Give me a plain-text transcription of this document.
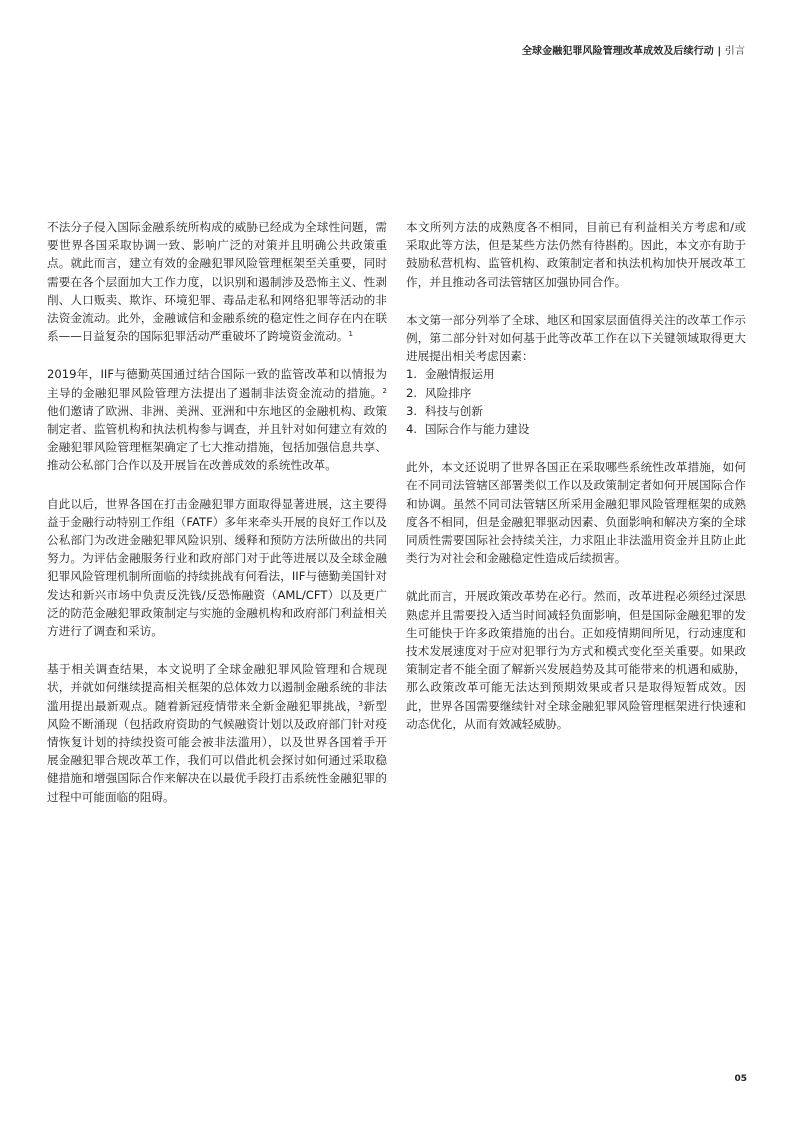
全球金融犯罪风险管理改革成效及后续行动 | 引言

不法分子侵入国际金融系统所构成的威胁已经成为全球性问题，需要世界各国采取协调一致、影响广泛的对策并且明确公共政策重点。就此而言，建立有效的金融犯罪风险管理框架至关重要，同时需要在各个层面加大工作力度，以识别和遏制涉及恐怖主义、性剥削、人口贩卖、欺诈、环境犯罪、毒品走私和网络犯罪等活动的非法资金流动。此外，金融诚信和金融系统的稳定性之间存在内在联系——日益复杂的国际犯罪活动严重破坏了跨境资金流动。$^1$

2019年，IIF与德勤英国通过结合国际一致的监管改革和以情报为主导的金融犯罪风险管理方法提出了遏制非法资金流动的措施。$^2$他们邀请了欧洲、非洲、美洲、亚洲和中东地区的金融机构、政策制定者、监管机构和执法机构参与调查，并且针对如何建立有效的金融犯罪风险管理框架确定了七大推动措施，包括加强信息共享、推动公私部门合作以及开展旨在改善成效的系统性改革。

自此以后，世界各国在打击金融犯罪方面取得显著进展，这主要得益于金融行动特别工作组（FATF）多年来牵头开展的良好工作以及公私部门为改进金融犯罪风险识别、缓释和预防方法所做出的共同努力。为评估金融服务行业和政府部门对于此等进展以及全球金融犯罪风险管理机制所面临的持续挑战有何看法，IIF与德勤美国针对发达和新兴市场中负责反洗钱/反恐怖融资（AML/CFT）以及更广泛的防范金融犯罪政策制定与实施的金融机构和政府部门利益相关方进行了调查和采访。

基于相关调查结果，本文说明了全球金融犯罪风险管理和合规现状，并就如何继续提高相关框架的总体效力以遏制金融系统的非法滥用提出最新观点。随着新冠疫情带来全新金融犯罪挑战，$^3$新型风险不断涌现（包括政府资助的气候融资计划以及政府部门针对疫情恢复计划的持续投资可能会被非法滥用），以及世界各国着手开展金融犯罪合规改革工作，我们可以借此机会探讨如何通过采取稳健措施和增强国际合作来解决在以最优手段打击系统性金融犯罪的过程中可能面临的阻碍。

本文所列方法的成熟度各不相同，目前已有利益相关方考虑和/或采取此等方法，但是某些方法仍然有待斟酌。因此，本文亦有助于鼓励私营机构、监管机构、政策制定者和执法机构加快开展改革工作，并且推动各司法管辖区加强协同合作。

本文第一部分列举了全球、地区和国家层面值得关注的改革工作示例，第二部分针对如何基于此等改革工作在以下关键领域取得更大进展提出相关考虑因素：

1. 金融情报运用
2. 风险排序
3. 科技与创新
4. 国际合作与能力建设

此外，本文还说明了世界各国正在采取哪些系统性改革措施，如何在不同司法管辖区部署类似工作以及政策制定者如何开展国际合作和协调。虽然不同司法管辖区所采用金融犯罪风险管理框架的成熟度各不相同，但是金融犯罪驱动因素、负面影响和解决方案的全球同质性需要国际社会持续关注，力求阻止非法滥用资金并且防止此类行为对社会和金融稳定性造成后续损害。

就此而言，开展政策改革势在必行。然而，改革进程必须经过深思熟虑并且需要投入适当时间减轻负面影响，但是国际金融犯罪的发生可能快于许多政策措施的出台。正如疫情期间所见，行动速度和技术发展速度对于应对犯罪行为方式和模式变化至关重要。如果政策制定者不能全面了解新兴发展趋势及其可能带来的机遇和威胁，那么政策改革可能无法达到预期效果或者只是取得短暂成效。因此，世界各国需要继续针对全球金融犯罪风险管理框架进行快速和动态优化，从而有效减轻威胁。

05
